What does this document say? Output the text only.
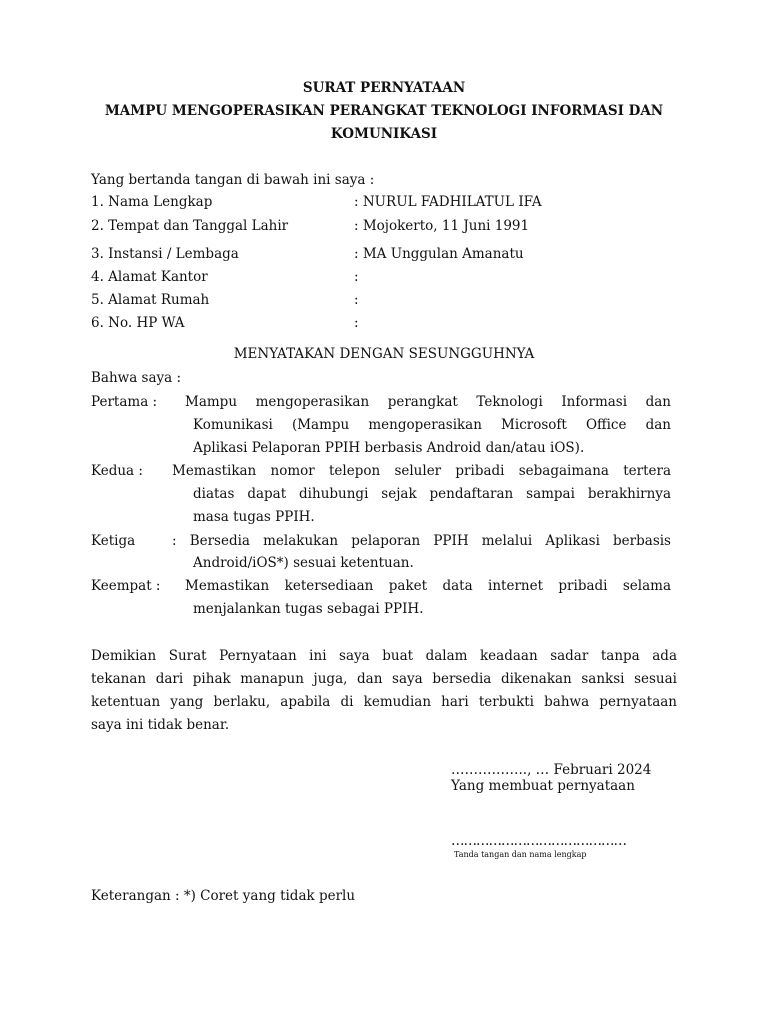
SURAT PERNYATAAN
MAMPU MENGOPERASIKAN PERANGKAT TEKNOLOGI INFORMASI DAN
KOMUNIKASI
Yang bertanda tangan di bawah ini saya :
1. Nama Lengkap	: NURUL FADHILATUL IFA
2. Tempat dan Tanggal Lahir	: Mojokerto, 11 Juni 1991
3. Instansi / Lembaga	: MA Unggulan Amanatu
4. Alamat Kantor	:
5. Alamat Rumah	:
6. No. HP WA	:
MENYATAKAN DENGAN SESUNGGUHNYA
Bahwa saya :
Pertama : Mampu mengoperasikan perangkat Teknologi Informasi dan
Komunikasi (Mampu mengoperasikan Microsoft Office dan
Aplikasi Pelaporan PPIH berbasis Android dan/atau iOS).
Kedua : Memastikan nomor telepon seluler pribadi sebagaimana tertera
diatas dapat dihubungi sejak pendaftaran sampai berakhirnya
masa tugas PPIH.
Ketiga	: Bersedia melakukan pelaporan PPIH melalui Aplikasi berbasis
Android/iOS*) sesuai ketentuan.
Keempat : Memastikan ketersediaan paket data internet pribadi selama
menjalankan tugas sebagai PPIH.
Demikian Surat Pernyataan ini saya buat dalam keadaan sadar tanpa ada
tekanan dari pihak manapun juga, dan saya bersedia dikenakan sanksi sesuai
ketentuan yang berlaku, apabila di kemudian hari terbukti bahwa pernyataan
saya ini tidak benar.
…………….., … Februari 2024
Yang membuat pernyataan
……………………………………
Tanda tangan dan nama lengkap
Keterangan : *) Coret yang tidak perlu
